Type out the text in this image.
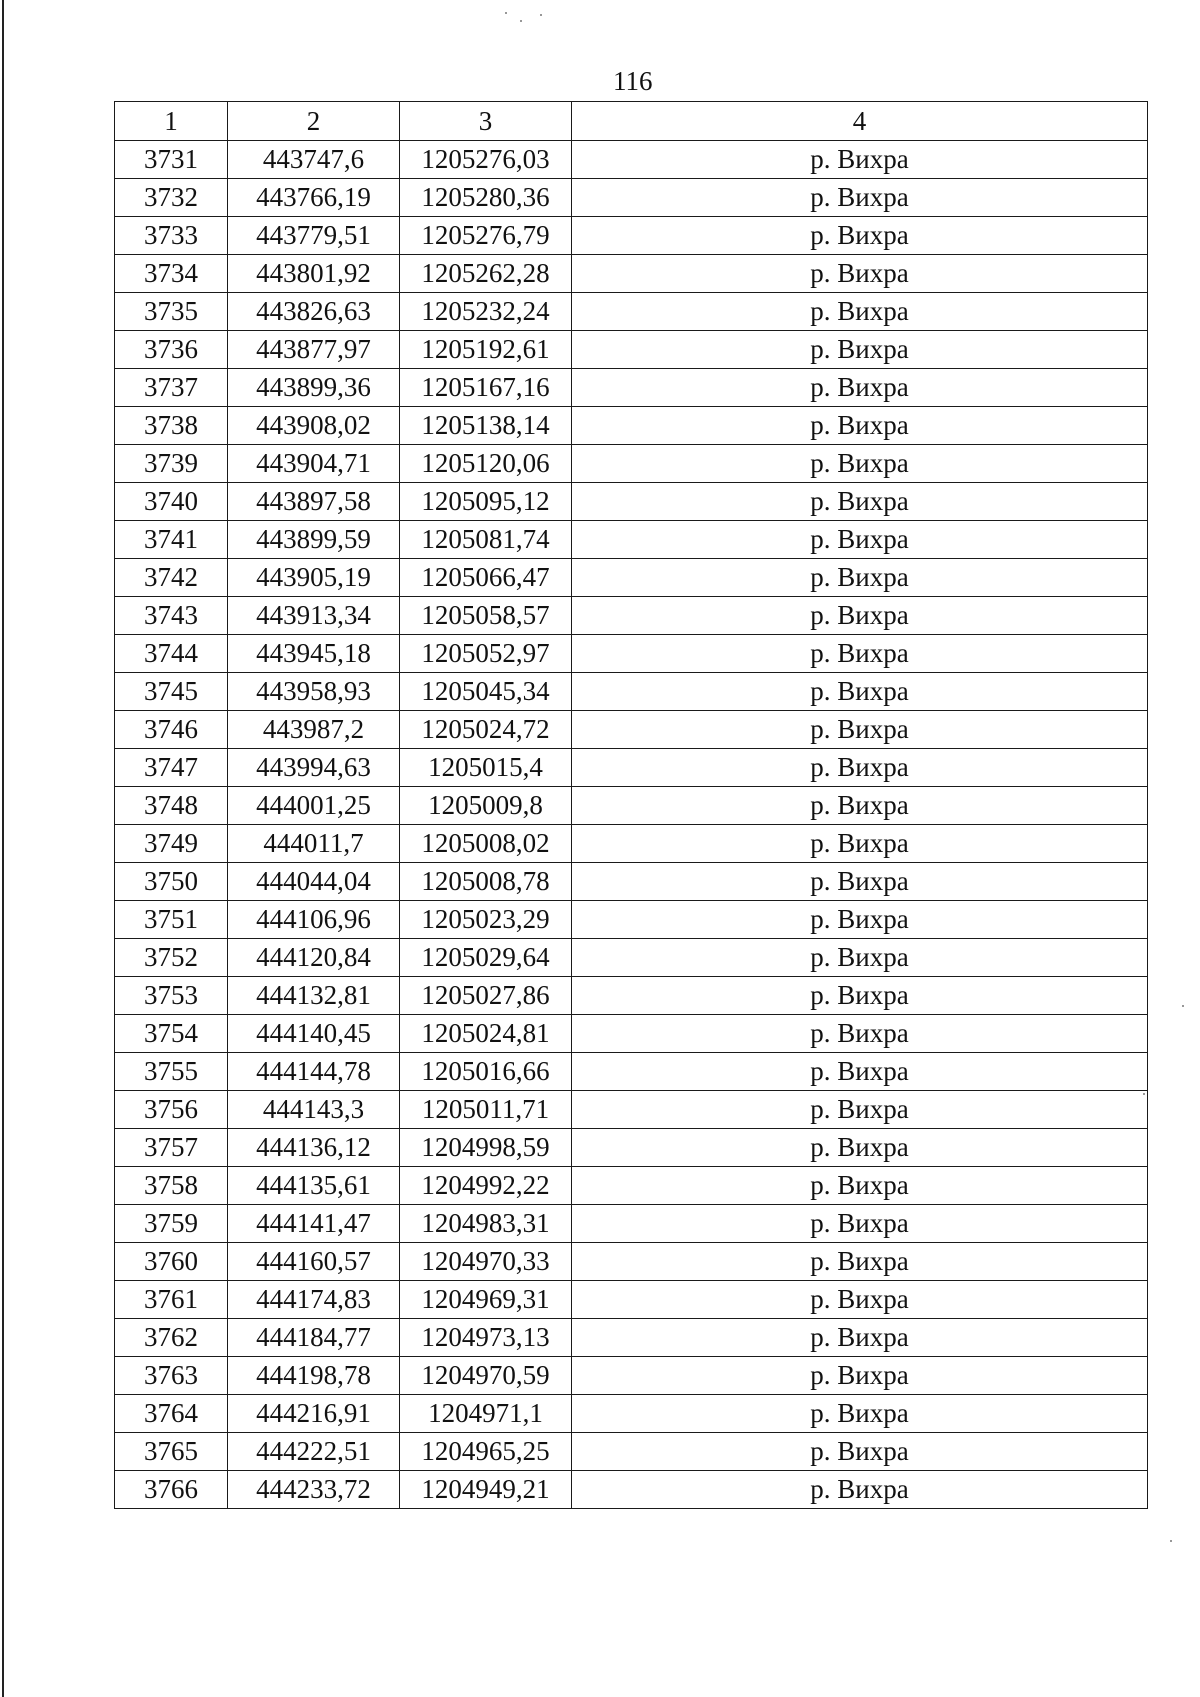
116
1	2	3	4
3731	443747,6	1205276,03	р. Вихра
3732	443766,19	1205280,36	р. Вихра
3733	443779,51	1205276,79	р. Вихра
3734	443801,92	1205262,28	р. Вихра
3735	443826,63	1205232,24	р. Вихра
3736	443877,97	1205192,61	р. Вихра
3737	443899,36	1205167,16	р. Вихра
3738	443908,02	1205138,14	р. Вихра
3739	443904,71	1205120,06	р. Вихра
3740	443897,58	1205095,12	р. Вихра
3741	443899,59	1205081,74	р. Вихра
3742	443905,19	1205066,47	р. Вихра
3743	443913,34	1205058,57	р. Вихра
3744	443945,18	1205052,97	р. Вихра
3745	443958,93	1205045,34	р. Вихра
3746	443987,2	1205024,72	р. Вихра
3747	443994,63	1205015,4	р. Вихра
3748	444001,25	1205009,8	р. Вихра
3749	444011,7	1205008,02	р. Вихра
3750	444044,04	1205008,78	р. Вихра
3751	444106,96	1205023,29	р. Вихра
3752	444120,84	1205029,64	р. Вихра
3753	444132,81	1205027,86	р. Вихра
3754	444140,45	1205024,81	р. Вихра
3755	444144,78	1205016,66	р. Вихра
3756	444143,3	1205011,71	р. Вихра
3757	444136,12	1204998,59	р. Вихра
3758	444135,61	1204992,22	р. Вихра
3759	444141,47	1204983,31	р. Вихра
3760	444160,57	1204970,33	р. Вихра
3761	444174,83	1204969,31	р. Вихра
3762	444184,77	1204973,13	р. Вихра
3763	444198,78	1204970,59	р. Вихра
3764	444216,91	1204971,1	р. Вихра
3765	444222,51	1204965,25	р. Вихра
3766	444233,72	1204949,21	р. Вихра
